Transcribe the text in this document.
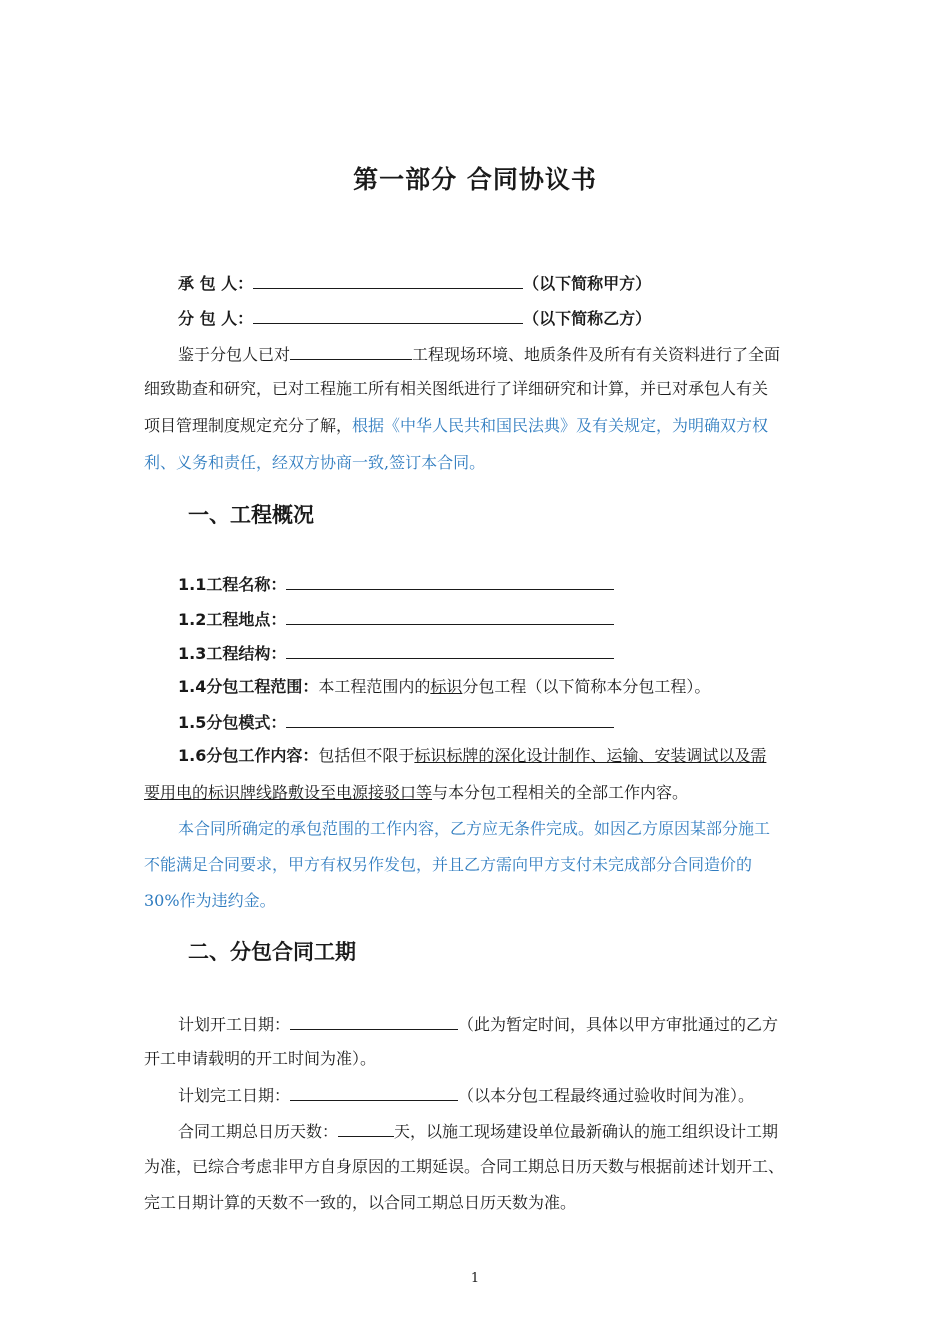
第一部分 合同协议书
承 包 人：	（以下简称甲方）
分 包 人：	（以下简称乙方）
鉴于分包人已对	工程现场环境、地质条件及所有有关资料进行了全面
细致勘查和研究，已对工程施工所有相关图纸进行了详细研究和计算，并已对承包人有关
项目管理制度规定充分了解，根据《中华人民共和国民法典》及有关规定，为明确双方权
利、义务和责任，经双方协商一致,签订本合同。
一、工程概况
1.1工程名称：
1.2工程地点：
1.3工程结构：
1.4分包工程范围：本工程范围内的标识分包工程（以下简称本分包工程）。
1.5分包模式：
1.6分包工作内容：包括但不限于标识标牌的深化设计制作、运输、安装调试以及需
要用电的标识牌线路敷设至电源接驳口等与本分包工程相关的全部工作内容。
本合同所确定的承包范围的工作内容，乙方应无条件完成。如因乙方原因某部分施工
不能满足合同要求，甲方有权另作发包，并且乙方需向甲方支付未完成部分合同造价的
30%作为违约金。
二、分包合同工期
计划开工日期：	（此为暂定时间，具体以甲方审批通过的乙方
开工申请载明的开工时间为准）。
计划完工日期：	（以本分包工程最终通过验收时间为准）。
合同工期总日历天数：	天，以施工现场建设单位最新确认的施工组织设计工期
为准，已综合考虑非甲方自身原因的工期延误。合同工期总日历天数与根据前述计划开工、
完工日期计算的天数不一致的，以合同工期总日历天数为准。
1
